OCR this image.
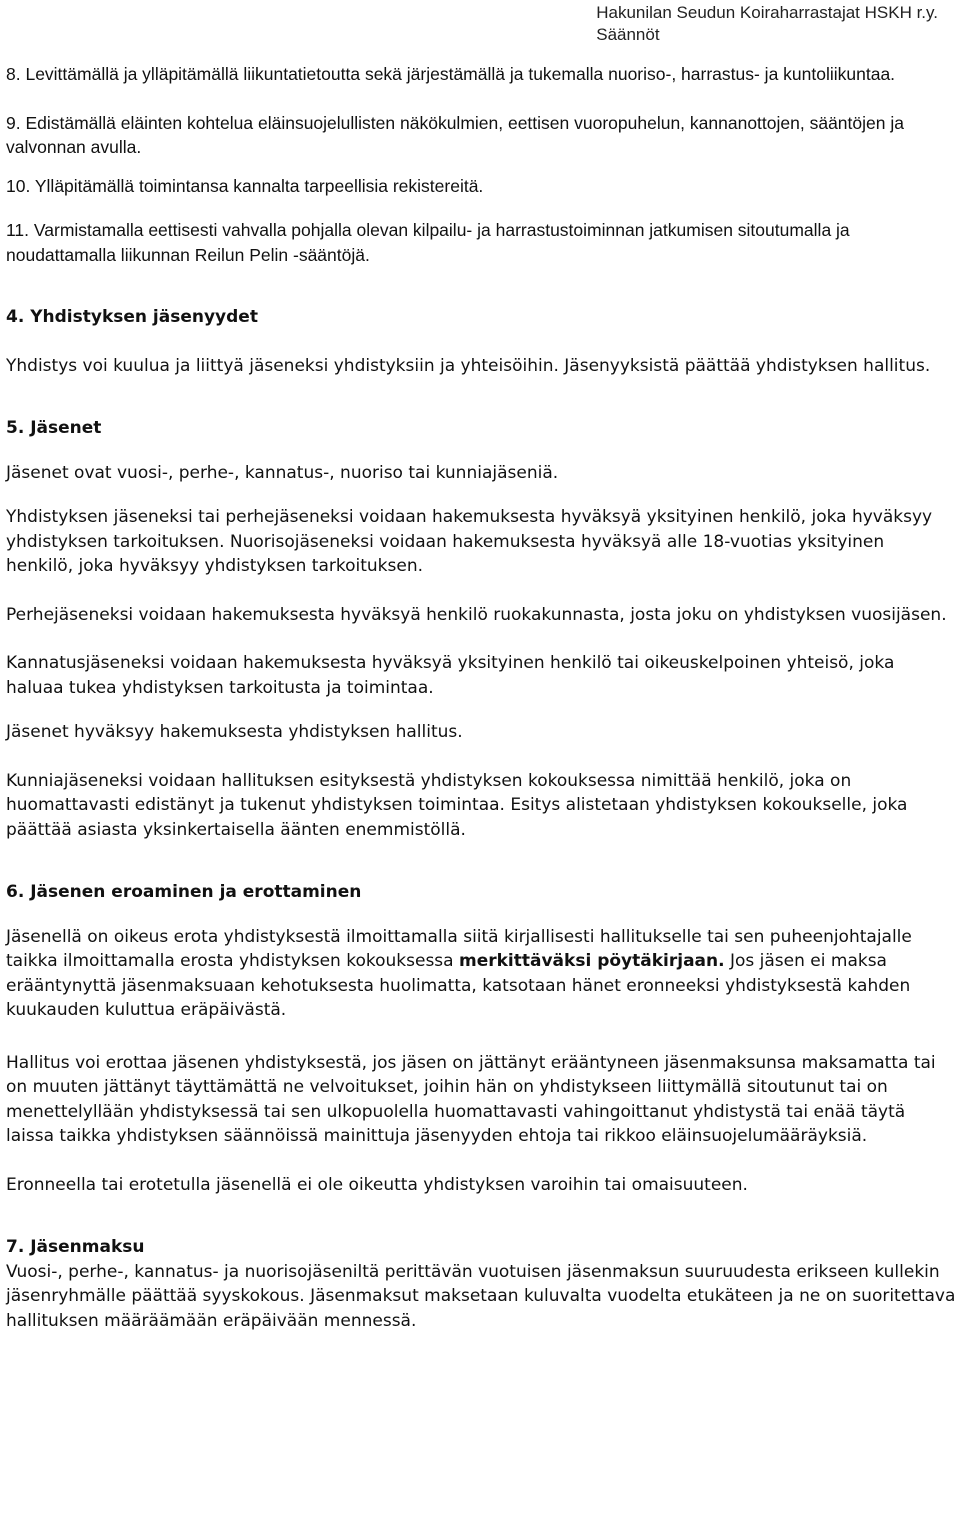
Hakunilan Seudun Koiraharrastajat HSKH r.y.
Säännöt

8. Levittämällä ja ylläpitämällä liikuntatietoutta sekä järjestämällä ja tukemalla nuoriso-, harrastus- ja kuntoliikuntaa.

9. Edistämällä eläinten kohtelua eläinsuojelullisten näkökulmien, eettisen vuoropuhelun, kannanottojen, sääntöjen ja valvonnan avulla.

10. Ylläpitämällä toimintansa kannalta tarpeellisia rekistereitä.

11. Varmistamalla eettisesti vahvalla pohjalla olevan kilpailu- ja harrastustoiminnan jatkumisen sitoutumalla ja noudattamalla liikunnan Reilun Pelin -sääntöjä.

4. Yhdistyksen jäsenyydet

Yhdistys voi kuulua ja liittyä jäseneksi yhdistyksiin ja yhteisöihin. Jäsenyyksistä päättää yhdistyksen hallitus.

5. Jäsenet

Jäsenet ovat vuosi-, perhe-, kannatus-, nuoriso tai kunniajäseniä.

Yhdistyksen jäseneksi tai perhejäseneksi voidaan hakemuksesta hyväksyä yksityinen henkilö, joka hyväksyy yhdistyksen tarkoituksen. Nuorisojäseneksi voidaan hakemuksesta hyväksyä alle 18-vuotias yksityinen henkilö, joka hyväksyy yhdistyksen tarkoituksen.

Perhejäseneksi voidaan hakemuksesta hyväksyä henkilö ruokakunnasta, josta joku on yhdistyksen vuosijäsen.

Kannatusjäseneksi voidaan hakemuksesta hyväksyä yksityinen henkilö tai oikeuskelpoinen yhteisö, joka haluaa tukea yhdistyksen tarkoitusta ja toimintaa.

Jäsenet hyväksyy hakemuksesta yhdistyksen hallitus.

Kunniajäseneksi voidaan hallituksen esityksestä yhdistyksen kokouksessa nimittää henkilö, joka on huomattavasti edistänyt ja tukenut yhdistyksen toimintaa. Esitys alistetaan yhdistyksen kokoukselle, joka päättää asiasta yksinkertaisella äänten enemmistöllä.

6. Jäsenen eroaminen ja erottaminen

Jäsenellä on oikeus erota yhdistyksestä ilmoittamalla siitä kirjallisesti hallitukselle tai sen puheenjohtajalle taikka ilmoittamalla erosta yhdistyksen kokouksessa merkittäväksi pöytäkirjaan. Jos jäsen ei maksa erääntynyttä jäsenmaksuaan kehotuksesta huolimatta, katsotaan hänet eronneeksi yhdistyksestä kahden kuukauden kuluttua eräpäivästä.

Hallitus voi erottaa jäsenen yhdistyksestä, jos jäsen on jättänyt erääntyneen jäsenmaksunsa maksamatta tai on muuten jättänyt täyttämättä ne velvoitukset, joihin hän on yhdistykseen liittymällä sitoutunut tai on menettelyllään yhdistyksessä tai sen ulkopuolella huomattavasti vahingoittanut yhdistystä tai enää täytä laissa taikka yhdistyksen säännöissä mainittuja jäsenyyden ehtoja tai rikkoo eläinsuojelumääräyksiä.

Eronneella tai erotetulla jäsenellä ei ole oikeutta yhdistyksen varoihin tai omaisuuteen.

7. Jäsenmaksu

Vuosi-, perhe-, kannatus- ja nuorisojäseniltä perittävän vuotuisen jäsenmaksun suuruudesta erikseen kullekin jäsenryhmälle päättää syyskokous. Jäsenmaksut maksetaan kuluvalta vuodelta etukäteen ja ne on suoritettava hallituksen määräämään eräpäivään mennessä.
